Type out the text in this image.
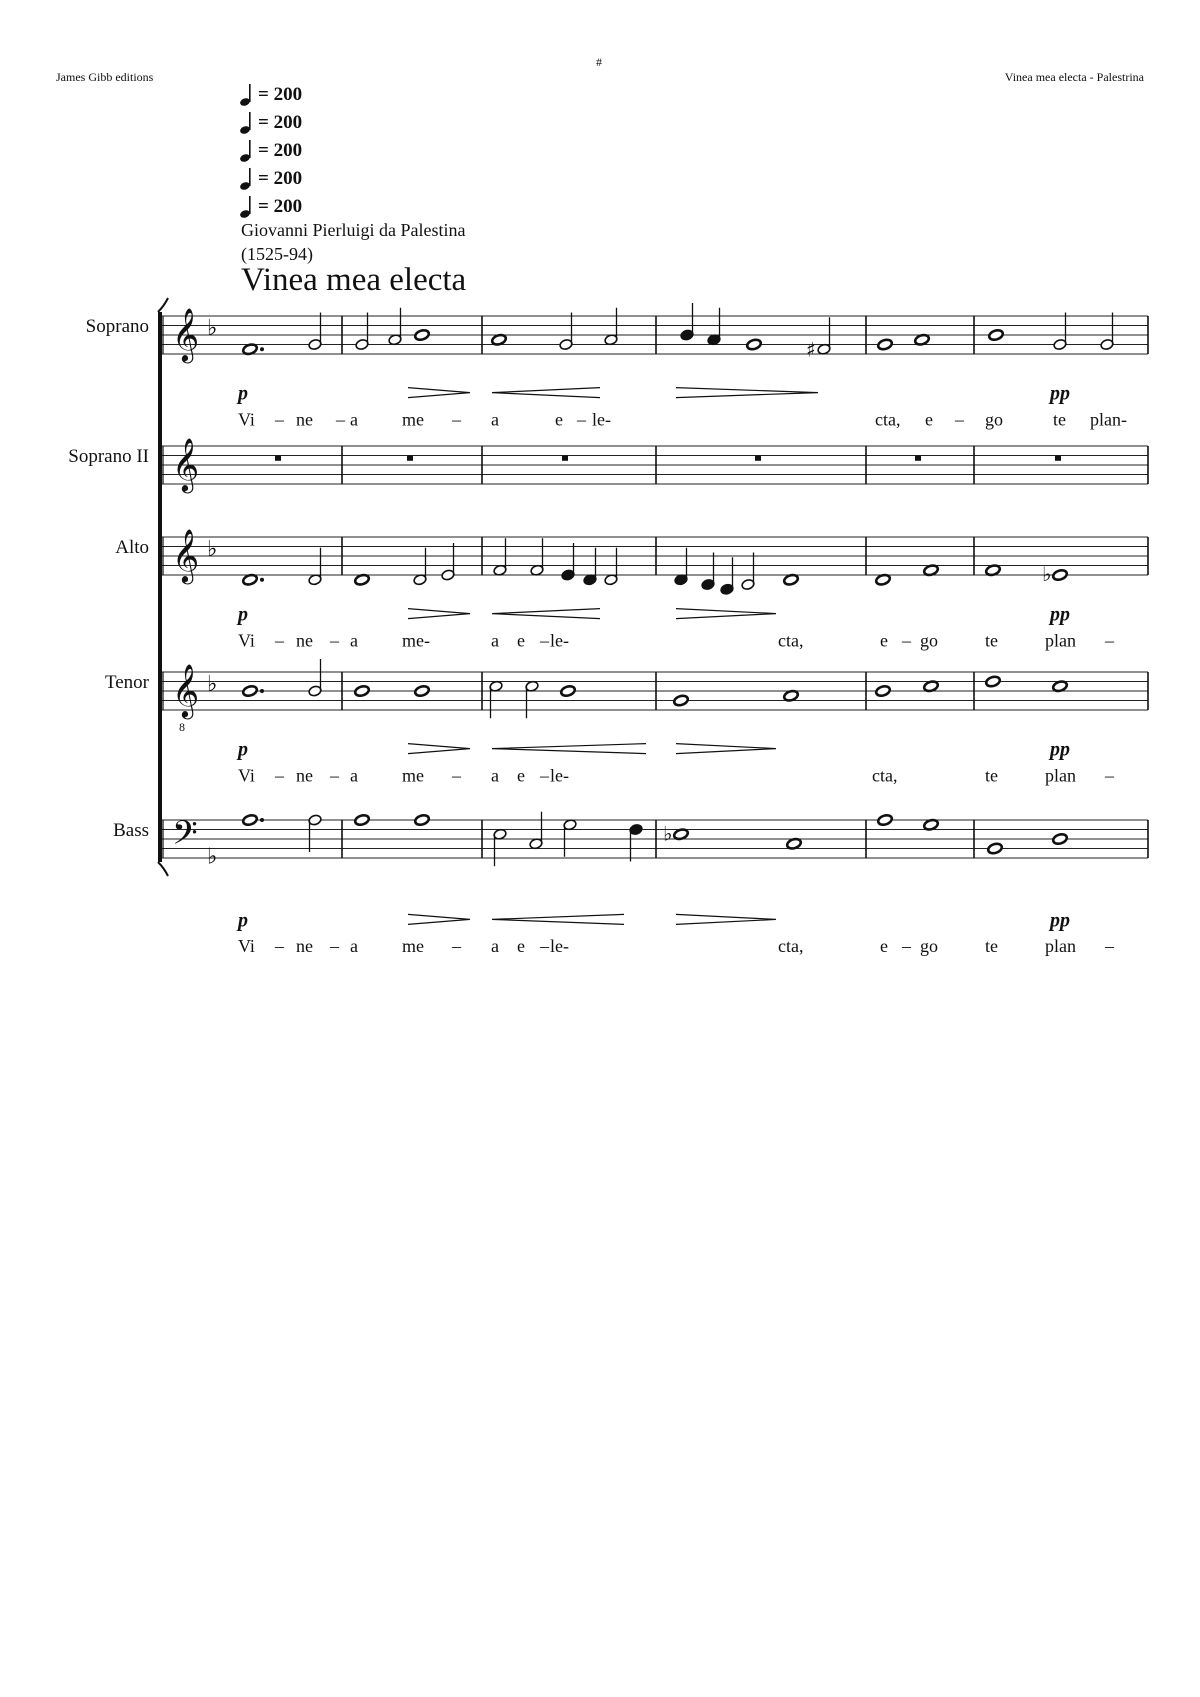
James Gibb editions
#
Vinea mea electa - Palestrina
= 200
= 200
= 200
= 200
= 200
Giovanni Pierluigi da Palestina
(1525-94)
Vinea mea electa
Soprano
Soprano II
Alto
Tenor
Bass
𝄞 ♭
♯
p	pp
Vi – ne – a me – a	e – le-	cta, e – go	te plan-
𝄞
𝄞 ♭
♭
p	pp
Vi – ne – a me-	a e – le-	cta,	e – go	te	plan –
𝄞
8
♭
p	pp
Vi – ne – a me – a e – le-	cta,	te	plan –
𝄢 ♭
♭
p	pp
Vi – ne – a me – a e – le-	cta,	e – go	te	plan –
